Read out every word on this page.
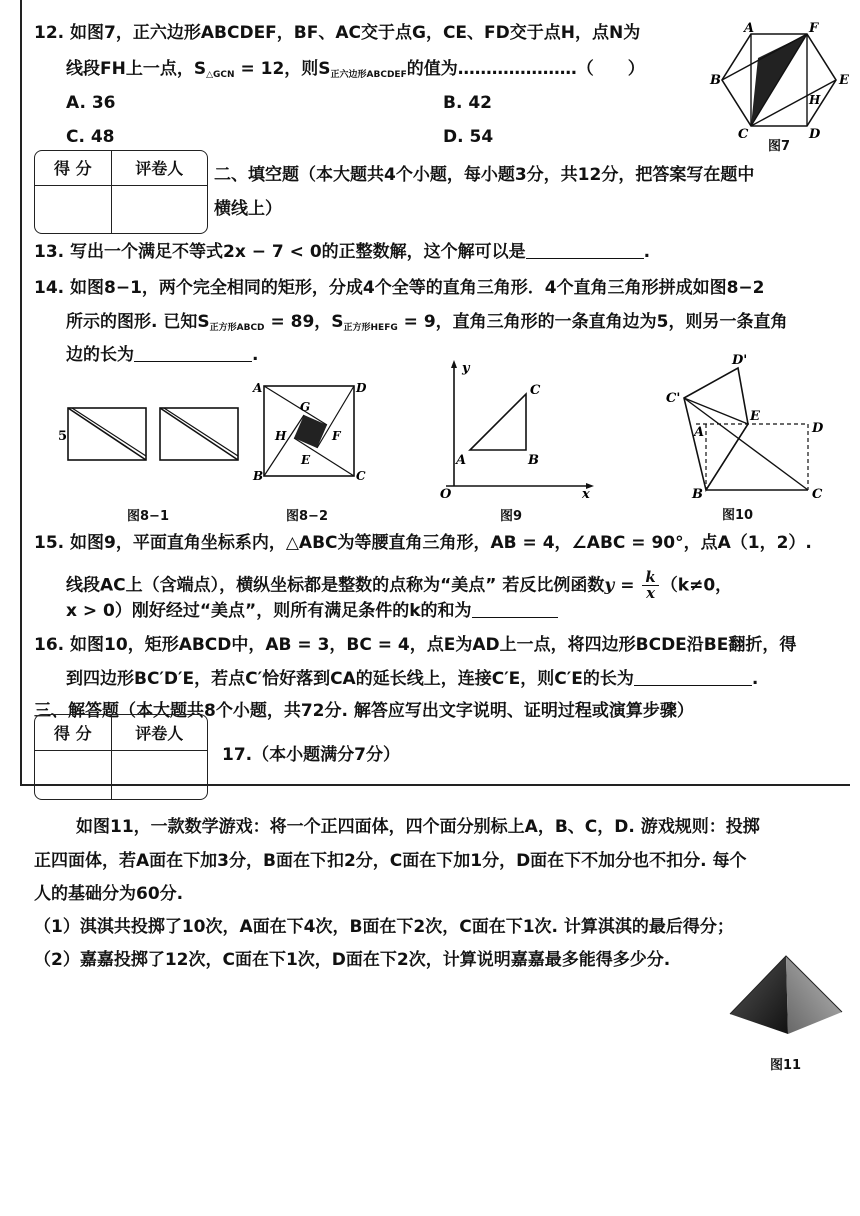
12. 如图7，正六边形ABCDEF，BF、AC交于点G，CE、FD交于点H，点N为
线段FH上一点，$S_{\triangle GCN} = 12$，则$S_{正六边形ABCDEF}$的值为…………………（　　）
A. 36	B. 42
C. 48	D. 54
A	F
G
B	E
H
C	D
图7
得 分	评卷人
	二、填空题（本大题共4个小题，每小题3分，共12分，把答案写在题中
横线上）
13. 写出一个满足不等式2x − 7 < 0的正整数解，这个解可以是	.
14. 如图8−1，两个完全相同的矩形，分成4个全等的直角三角形．4个直角三角形拼成如图8−2
所示的图形. 已知$S_{正方形ABCD} = 89$，$S_{正方形HEFG} = 9$，直角三角形的一条直角边为5，则另一条直角
边的长为	.
5
图8−1
A	D
G
H	F
E
B	C
图8−2
y
C
A	B
O	x
图9
D'
C'
E
A	D
B	C
图10
15. 如图9，平面直角坐标系内，△ABC为等腰直角三角形，AB = 4，∠ABC = 90°，点A（1，2）.
线段AC上（含端点），横纵坐标都是整数的点称为“美点” 若反比例函数$y = \frac{k}{x} (k\ne 0$，
x > 0）刚好经过“美点”，则所有满足条件的k的和为
16. 如图10，矩形ABCD中，AB = 3，BC = 4，点E为AD上一点，将四边形BCDE沿BE翻折，得
到四边形BC′D′E，若点C′恰好落到CA的延长线上，连接C′E，则C′E的长为	.
三、解答题（本大题共8个小题，共72分. 解答应写出文字说明、证明过程或演算步骤）
得 分	评卷人

17.（本小题满分7分）
如图11，一款数学游戏：将一个正四面体，四个面分别标上A，B、C，D. 游戏规则：投掷
正四面体，若A面在下加3分，B面在下扣2分，C面在下加1分，D面在下不加分也不扣分. 每个
人的基础分为60分.
（1）淇淇共投掷了10次，A面在下4次，B面在下2次，C面在下1次. 计算淇淇的最后得分；
（2）嘉嘉投掷了12次，C面在下1次，D面在下2次，计算说明嘉嘉最多能得多少分.
图11
